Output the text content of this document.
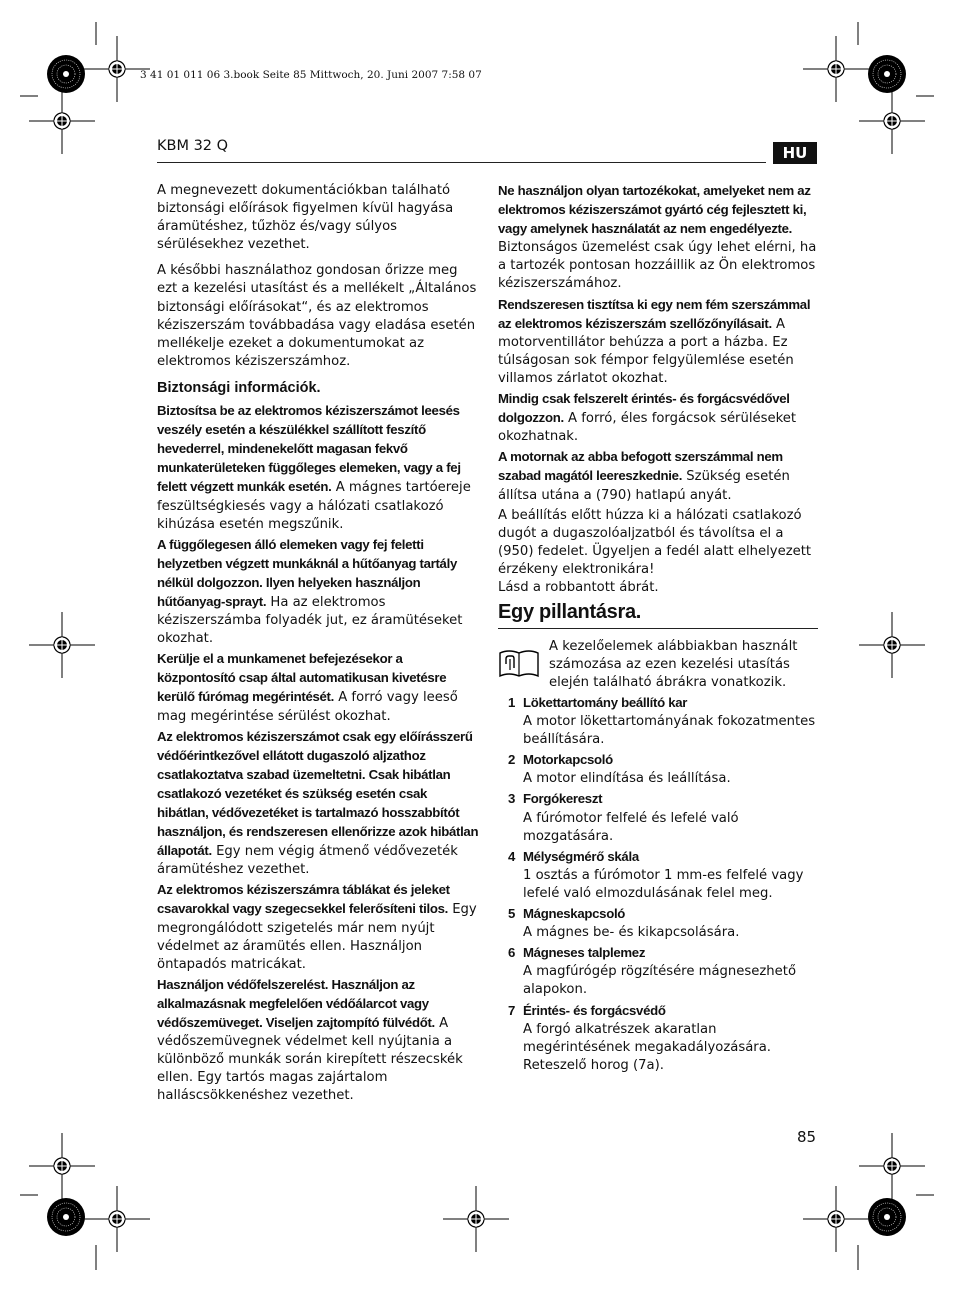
3 41 01 011 06 3.book Seite 85 Mittwoch, 20. Juni 2007 7:58 07
KBM 32 Q	HU

A megnevezett dokumentációkban található biztonsági előírások figyelmen kívül hagyása áramütéshez, tűzhöz és/vagy súlyos sérülésekhez vezethet.

A későbbi használathoz gondosan őrizze meg ezt a kezelési utasítást és a mellékelt „Általános biztonsági előírásokat“, és az elektromos kéziszerszám továbbadása vagy eladása esetén mellékelje ezeket a dokumentumokat az elektromos kéziszerszámhoz.

Biztonsági információk.

Biztosítsa be az elektromos kéziszerszámot leesés veszély esetén a készülékkel szállított feszítő hevederrel, mindenekelőtt magasan fekvő munkaterületeken függőleges elemeken, vagy a fej felett végzett munkák esetén. A mágnes tartóereje feszültségkiesés vagy a hálózati csatlakozó kihúzása esetén megszűnik.

A függőlegesen álló elemeken vagy fej feletti helyzetben végzett munkáknál a hűtőanyag tartály nélkül dolgozzon. Ilyen helyeken használjon hűtőanyag-sprayt. Ha az elektromos kéziszerszámba folyadék jut, ez áramütéseket okozhat.

Kerülje el a munkamenet befejezésekor a központosító csap által automatikusan kivetésre kerülő fúrómag megérintését. A forró vagy leeső mag megérintése sérülést okozhat.

Az elektromos kéziszerszámot csak egy előírásszerű védőérintkezővel ellátott dugaszoló aljzathoz csatlakoztatva szabad üzemeltetni. Csak hibátlan csatlakozó vezetéket és szükség esetén csak hibátlan, védővezetéket is tartalmazó hosszabbítót használjon, és rendszeresen ellenőrizze azok hibátlan állapotát. Egy nem végig átmenő védővezeték áramütéshez vezethet.

Az elektromos kéziszerszámra táblákat és jeleket csavarokkal vagy szegecsekkel felerősíteni tilos. Egy megrongálódott szigetelés már nem nyújt védelmet az áramütés ellen. Használjon öntapadós matricákat.

Használjon védőfelszerelést. Használjon az alkalmazásnak megfelelően védőálarcot vagy védőszemüveget. Viseljen zajtompító fülvédőt. A védőszemüvegnek védelmet kell nyújtania a különböző munkák során kirepített részecskék ellen. Egy tartós magas zajártalom halláscsökkenéshez vezethet.

Ne használjon olyan tartozékokat, amelyeket nem az elektromos kéziszerszámot gyártó cég fejlesztett ki, vagy amelynek használatát az nem engedélyezte. Biztonságos üzemelést csak úgy lehet elérni, ha a tartozék pontosan hozzáillik az Ön elektromos kéziszerszámához.

Rendszeresen tisztítsa ki egy nem fém szerszámmal az elektromos kéziszerszám szellőzőnyílásait. A motorventillátor behúzza a port a házba. Ez túlságosan sok fémpor felgyülemlése esetén villamos zárlatot okozhat.

Mindig csak felszerelt érintés- és forgácsvédővel dolgozzon. A forró, éles forgácsok sérüléseket okozhatnak.

A motornak az abba befogott szerszámmal nem szabad magától leereszkednie. Szükség esetén állítsa utána a (790) hatlapú anyát.

A beállítás előtt húzza ki a hálózati csatlakozó dugót a dugaszolóaljzatból és távolítsa el a (950) fedelet. Ügyeljen a fedél alatt elhelyezett érzékeny elektronikára!

Lásd a robbantott ábrát.

Egy pillantásra.
A kezelőelemek alábbiakban használt számozása az ezen kezelési utasítás elején található ábrákra vonatkozik.
1 Lökettartomány beállító kar
A motor lökettartományának fokozatmentes beállítására.
2 Motorkapcsoló
A motor elindítása és leállítása.
3 Forgókereszt
A fúrómotor felfelé és lefelé való mozgatására.
4 Mélységmérő skála
1 osztás a fúrómotor 1 mm-es felfelé vagy lefelé való elmozdulásának felel meg.
5 Mágneskapcsoló
A mágnes be- és kikapcsolására.
6 Mágneses talplemez
A magfúrógép rögzítésére mágnesezhető alapokon.
7 Érintés- és forgácsvédő
A forgó alkatrészek akaratlan megérintésének megakadályozására.
Reteszelő horog (7a).
85
